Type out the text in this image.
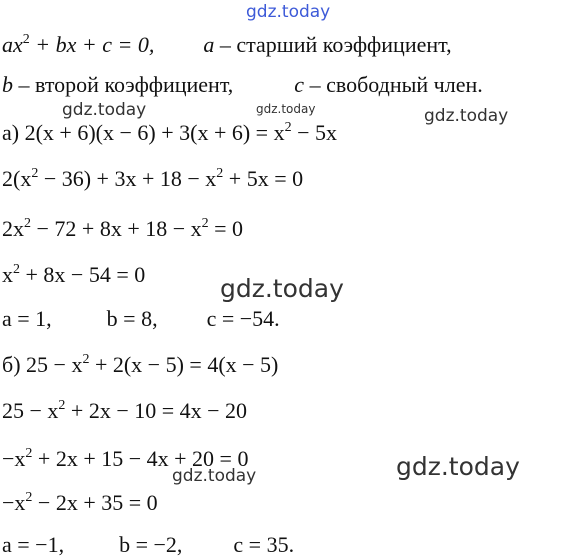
gdz.today
gdz.today	gdz.today	gdz.today
gdz.today
gdz.today
gdz.today
$ax^2$ + bx + c = 0, a – старший коэффициент,
b – второй коэффициент,	c – свободный член.
а) $2(x + 6)(x - 6) + 3(x + 6) = x^2 - 5x$
$2(x^2 - 36) + 3x + 18 - x^2 + 5x = 0$
$2x^2 - 72 + 8x + 18 - x^2 = 0$
$x^2 + 8x - 54 = 0$
a = 1,	b = 8, c = −54.
б) $25 - x^2 + 2(x - 5) = 4(x - 5)$
$25 - x^2 + 2x - 10 = 4x - 20$
$-x^2 + 2x + 15 - 4x + 20 = 0$
$-x^2 - 2x + 35 = 0$
a = −1,	b = −2, c = 35.
